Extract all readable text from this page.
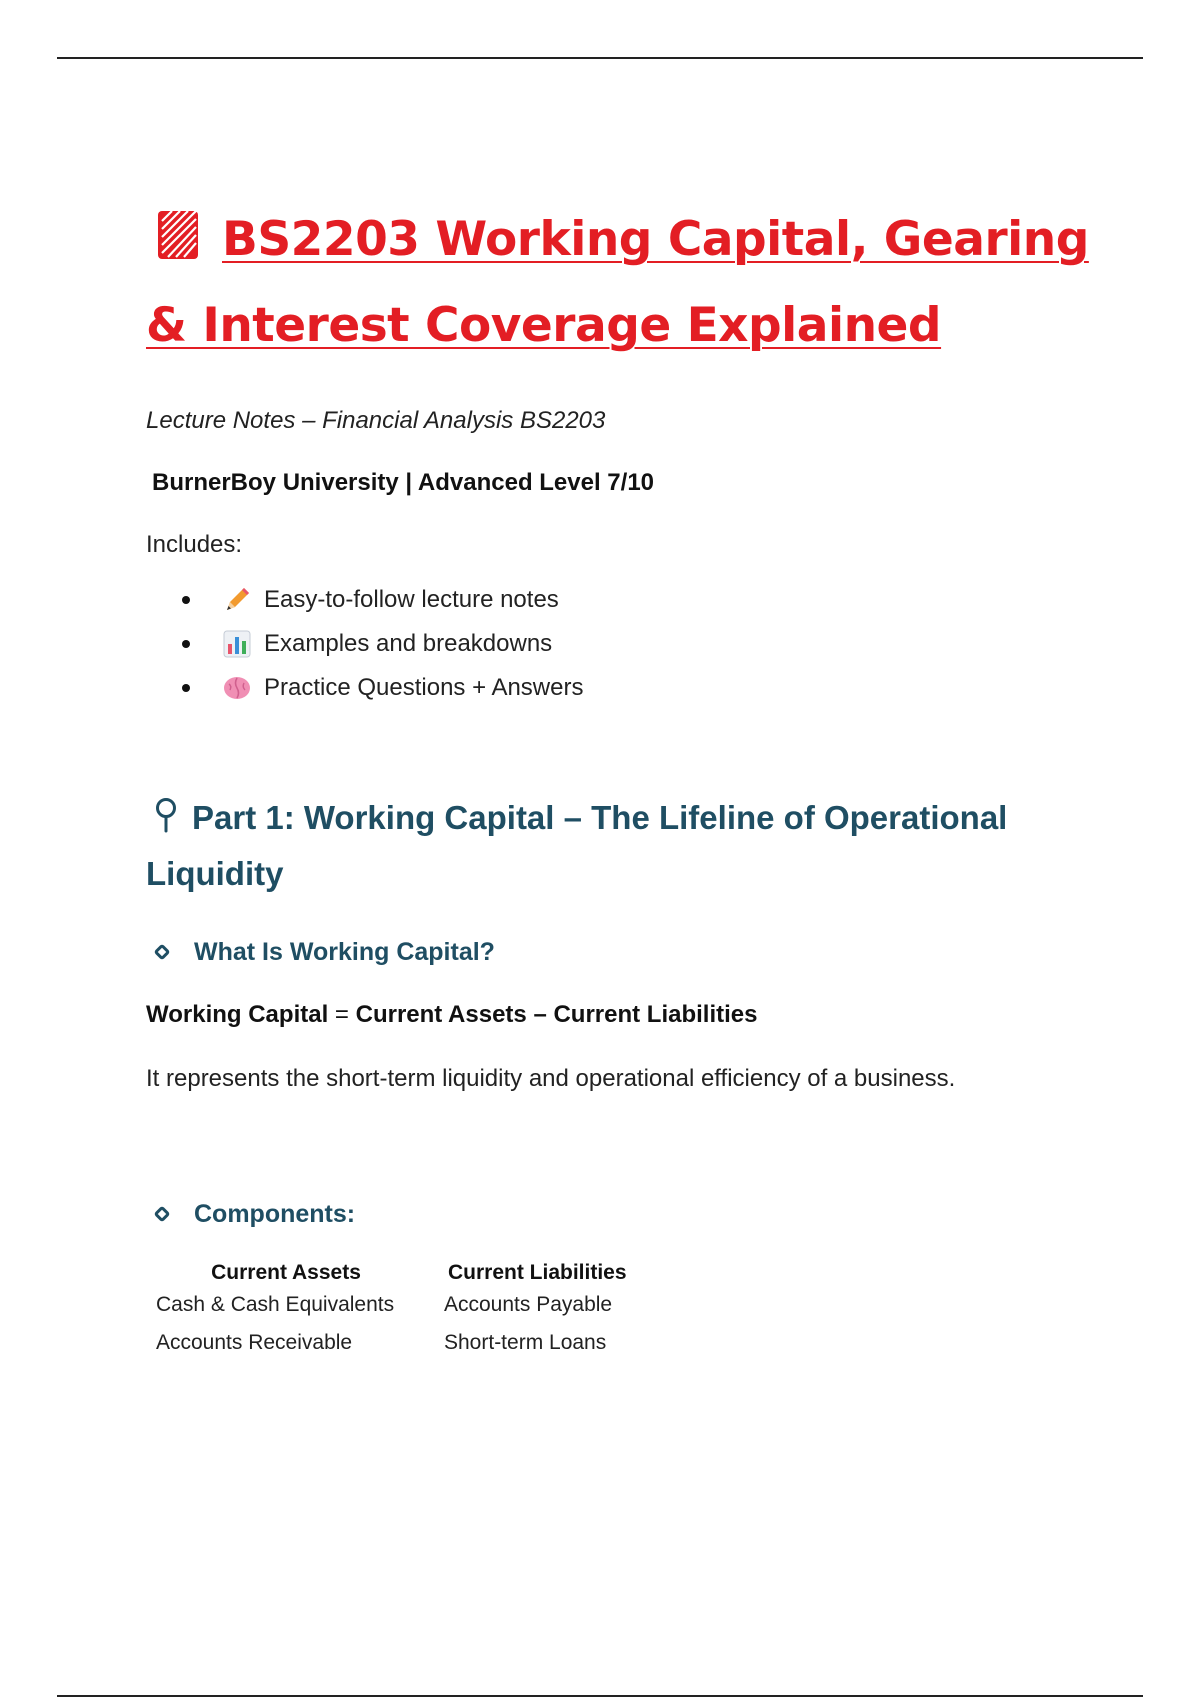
BS2203 Working Capital, Gearing & Interest Coverage Explained

Lecture Notes – Financial Analysis BS2203

BurnerBoy University | Advanced Level 7/10

Includes:

Easy-to-follow lecture notes
Examples and breakdowns
Practice Questions + Answers
Part 1: Working Capital – The Lifeline of Operational Liquidity
What Is Working Capital?

Working Capital = Current Assets – Current Liabilities

It represents the short-term liquidity and operational efficiency of a business.

Components:
Current Assets	Current Liabilities
Cash & Cash Equivalents	Accounts Payable
Accounts Receivable	Short-term Loans
